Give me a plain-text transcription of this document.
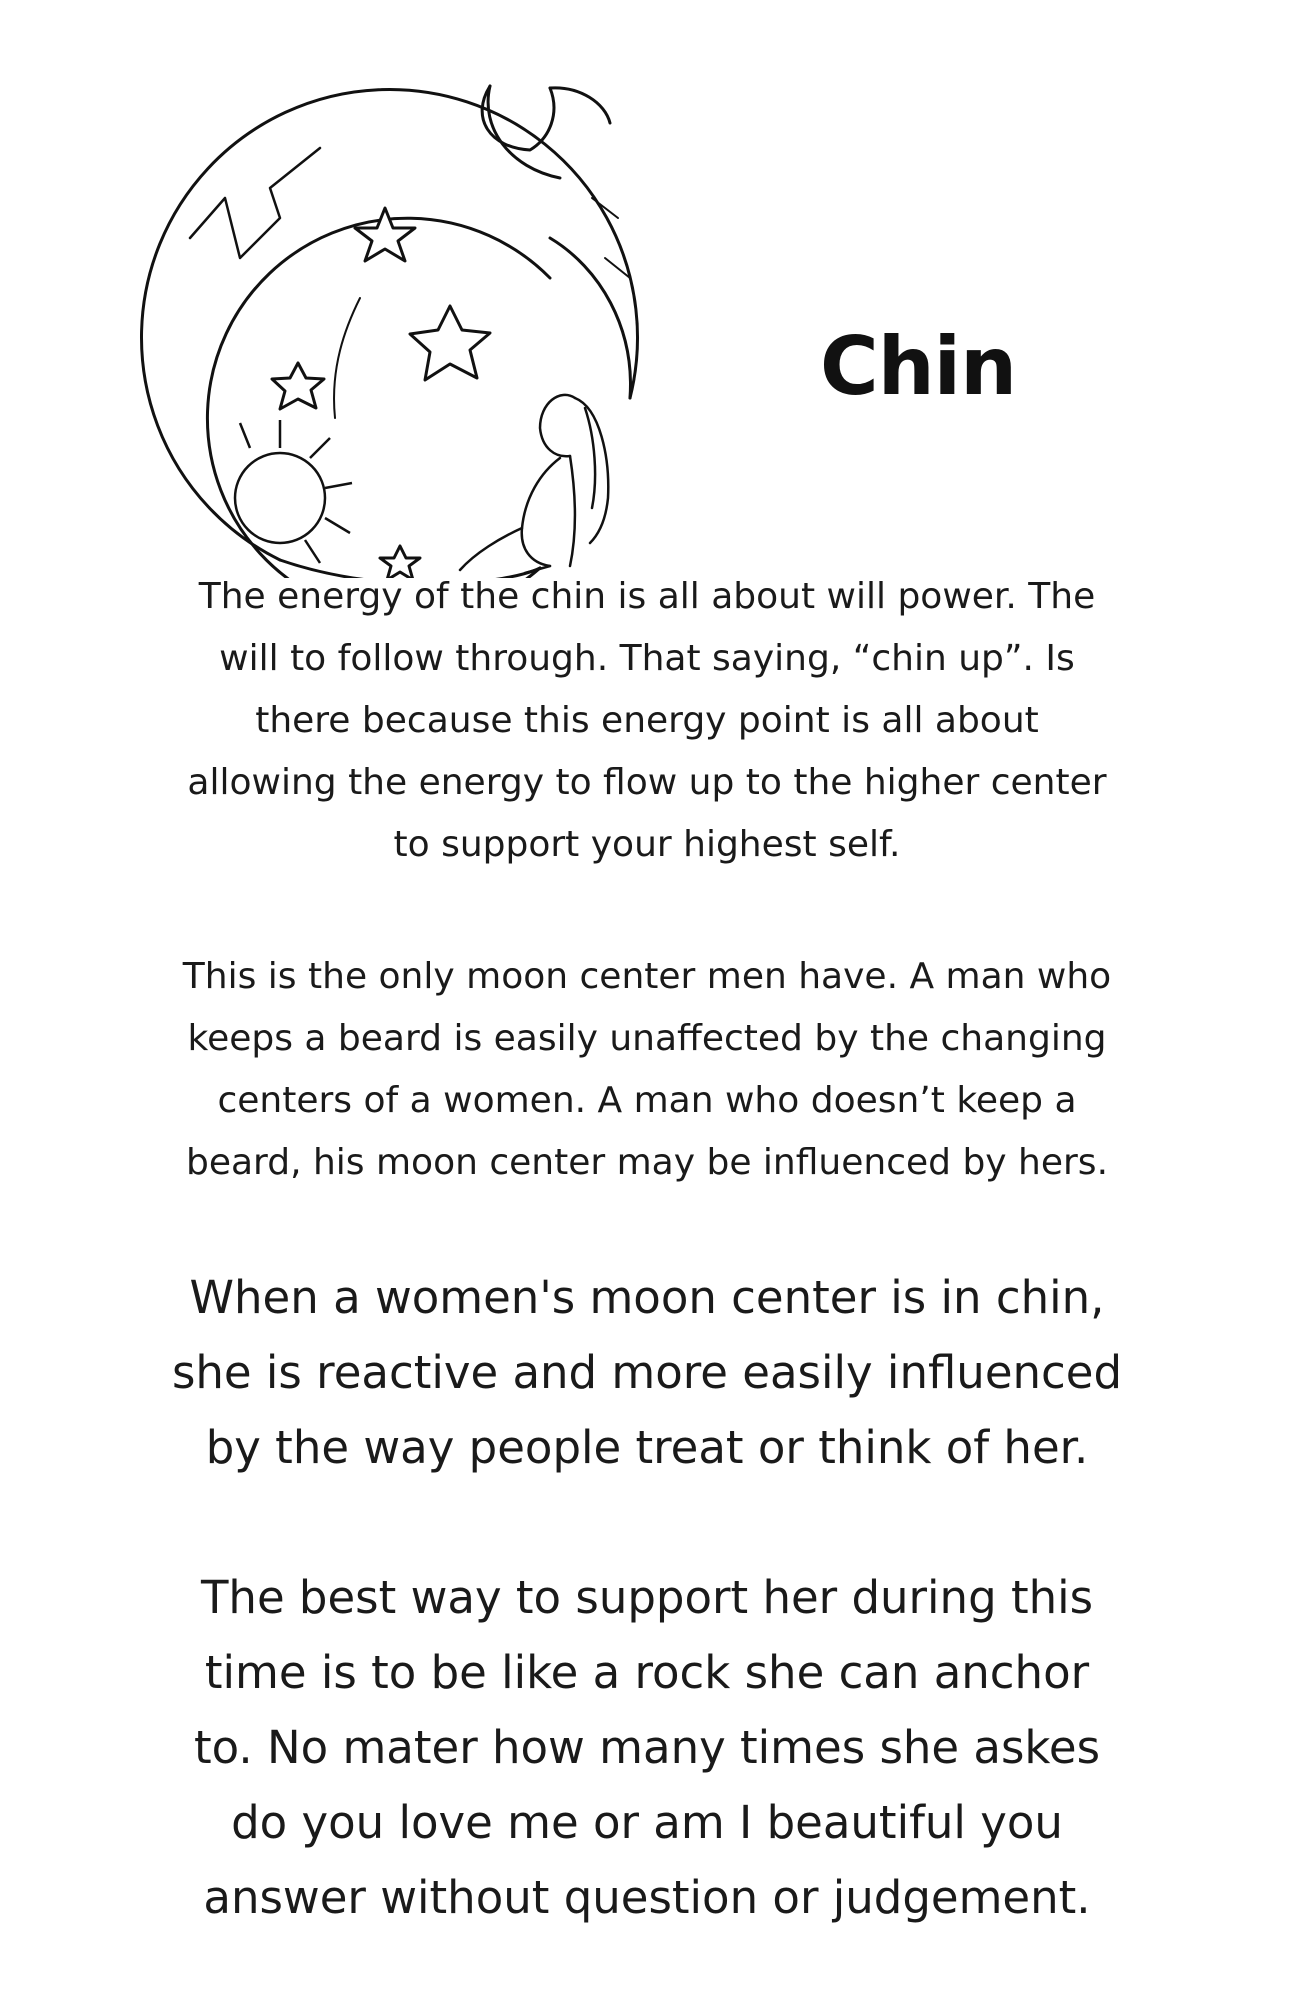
Chin

The energy of the chin is all about will power. The
will to follow through. That saying, “chin up”. Is
there because this energy point is all about
allowing the energy to flow up to the higher center
to support your highest self.

This is the only moon center men have. A man who
keeps a beard is easily unaffected by the changing
centers of a women. A man who doesn’t keep a
beard, his moon center may be influenced by hers.

When a women's moon center is in chin,
she is reactive and more easily influenced
by the way people treat or think of her.

The best way to support her during this
time is to be like a rock she can anchor
to. No mater how many times she askes
do you love me or am I beautiful you
answer without question or judgement.
